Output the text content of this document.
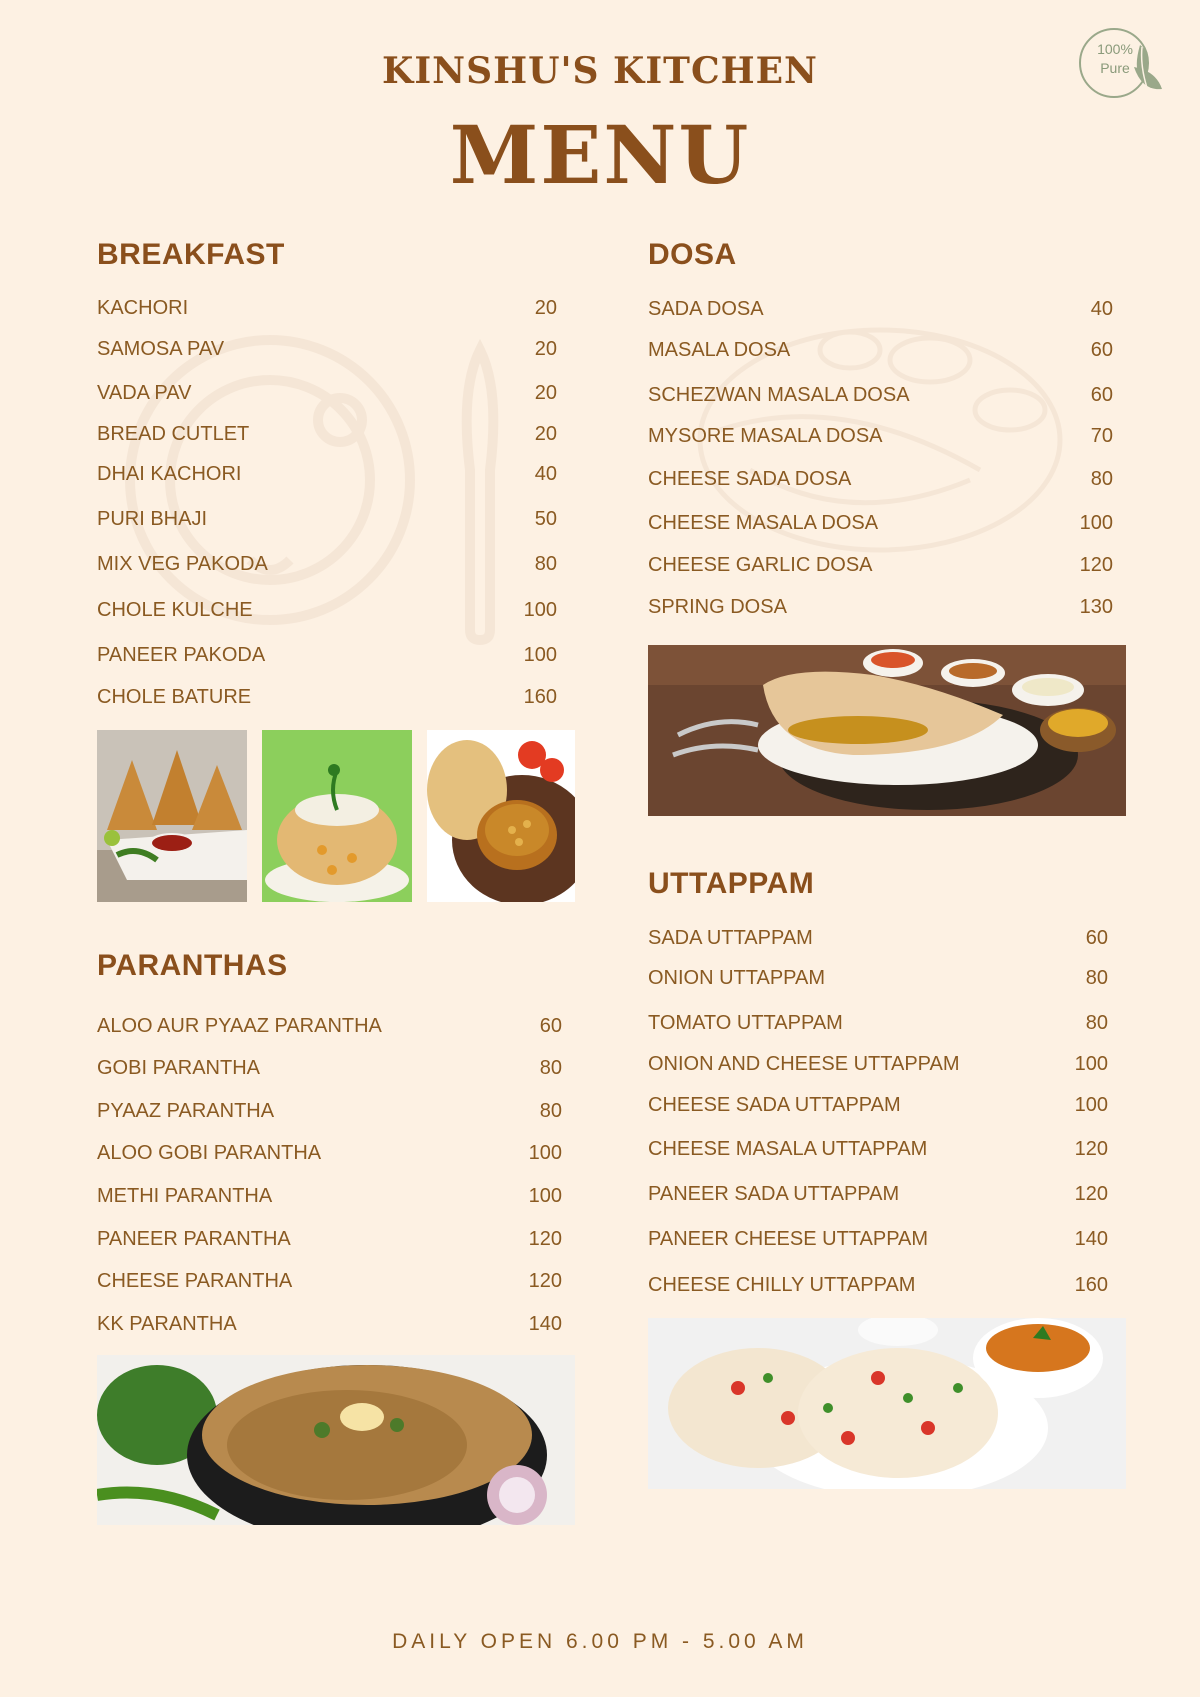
KINSHU'S KITCHEN
MENU
100% Pure
BREAKFAST
KACHORI	20
SAMOSA PAV	20
VADA PAV	20
BREAD CUTLET	20
DHAI KACHORI	40
PURI BHAJI	50
MIX VEG PAKODA	80
CHOLE KULCHE	100
PANEER PAKODA	100
CHOLE BATURE	160
PARANTHAS
ALOO AUR PYAAZ PARANTHA	60
GOBI PARANTHA	80
PYAAZ PARANTHA	80
ALOO GOBI PARANTHA	100
METHI PARANTHA	100
PANEER PARANTHA	120
CHEESE PARANTHA	120
KK PARANTHA	140
DOSA
SADA DOSA	40
MASALA DOSA	60
SCHEZWAN MASALA DOSA	60
MYSORE MASALA DOSA	70
CHEESE SADA DOSA	80
CHEESE MASALA DOSA	100
CHEESE GARLIC DOSA	120
SPRING DOSA	130
UTTAPPAM
SADA UTTAPPAM	60
ONION UTTAPPAM	80
TOMATO UTTAPPAM	80
ONION AND CHEESE UTTAPPAM	100
CHEESE SADA UTTAPPAM	100
CHEESE MASALA UTTAPPAM	120
PANEER SADA UTTAPPAM	120
PANEER CHEESE UTTAPPAM	140
CHEESE CHILLY UTTAPPAM	160
DAILY OPEN 6.00 PM - 5.00 AM
